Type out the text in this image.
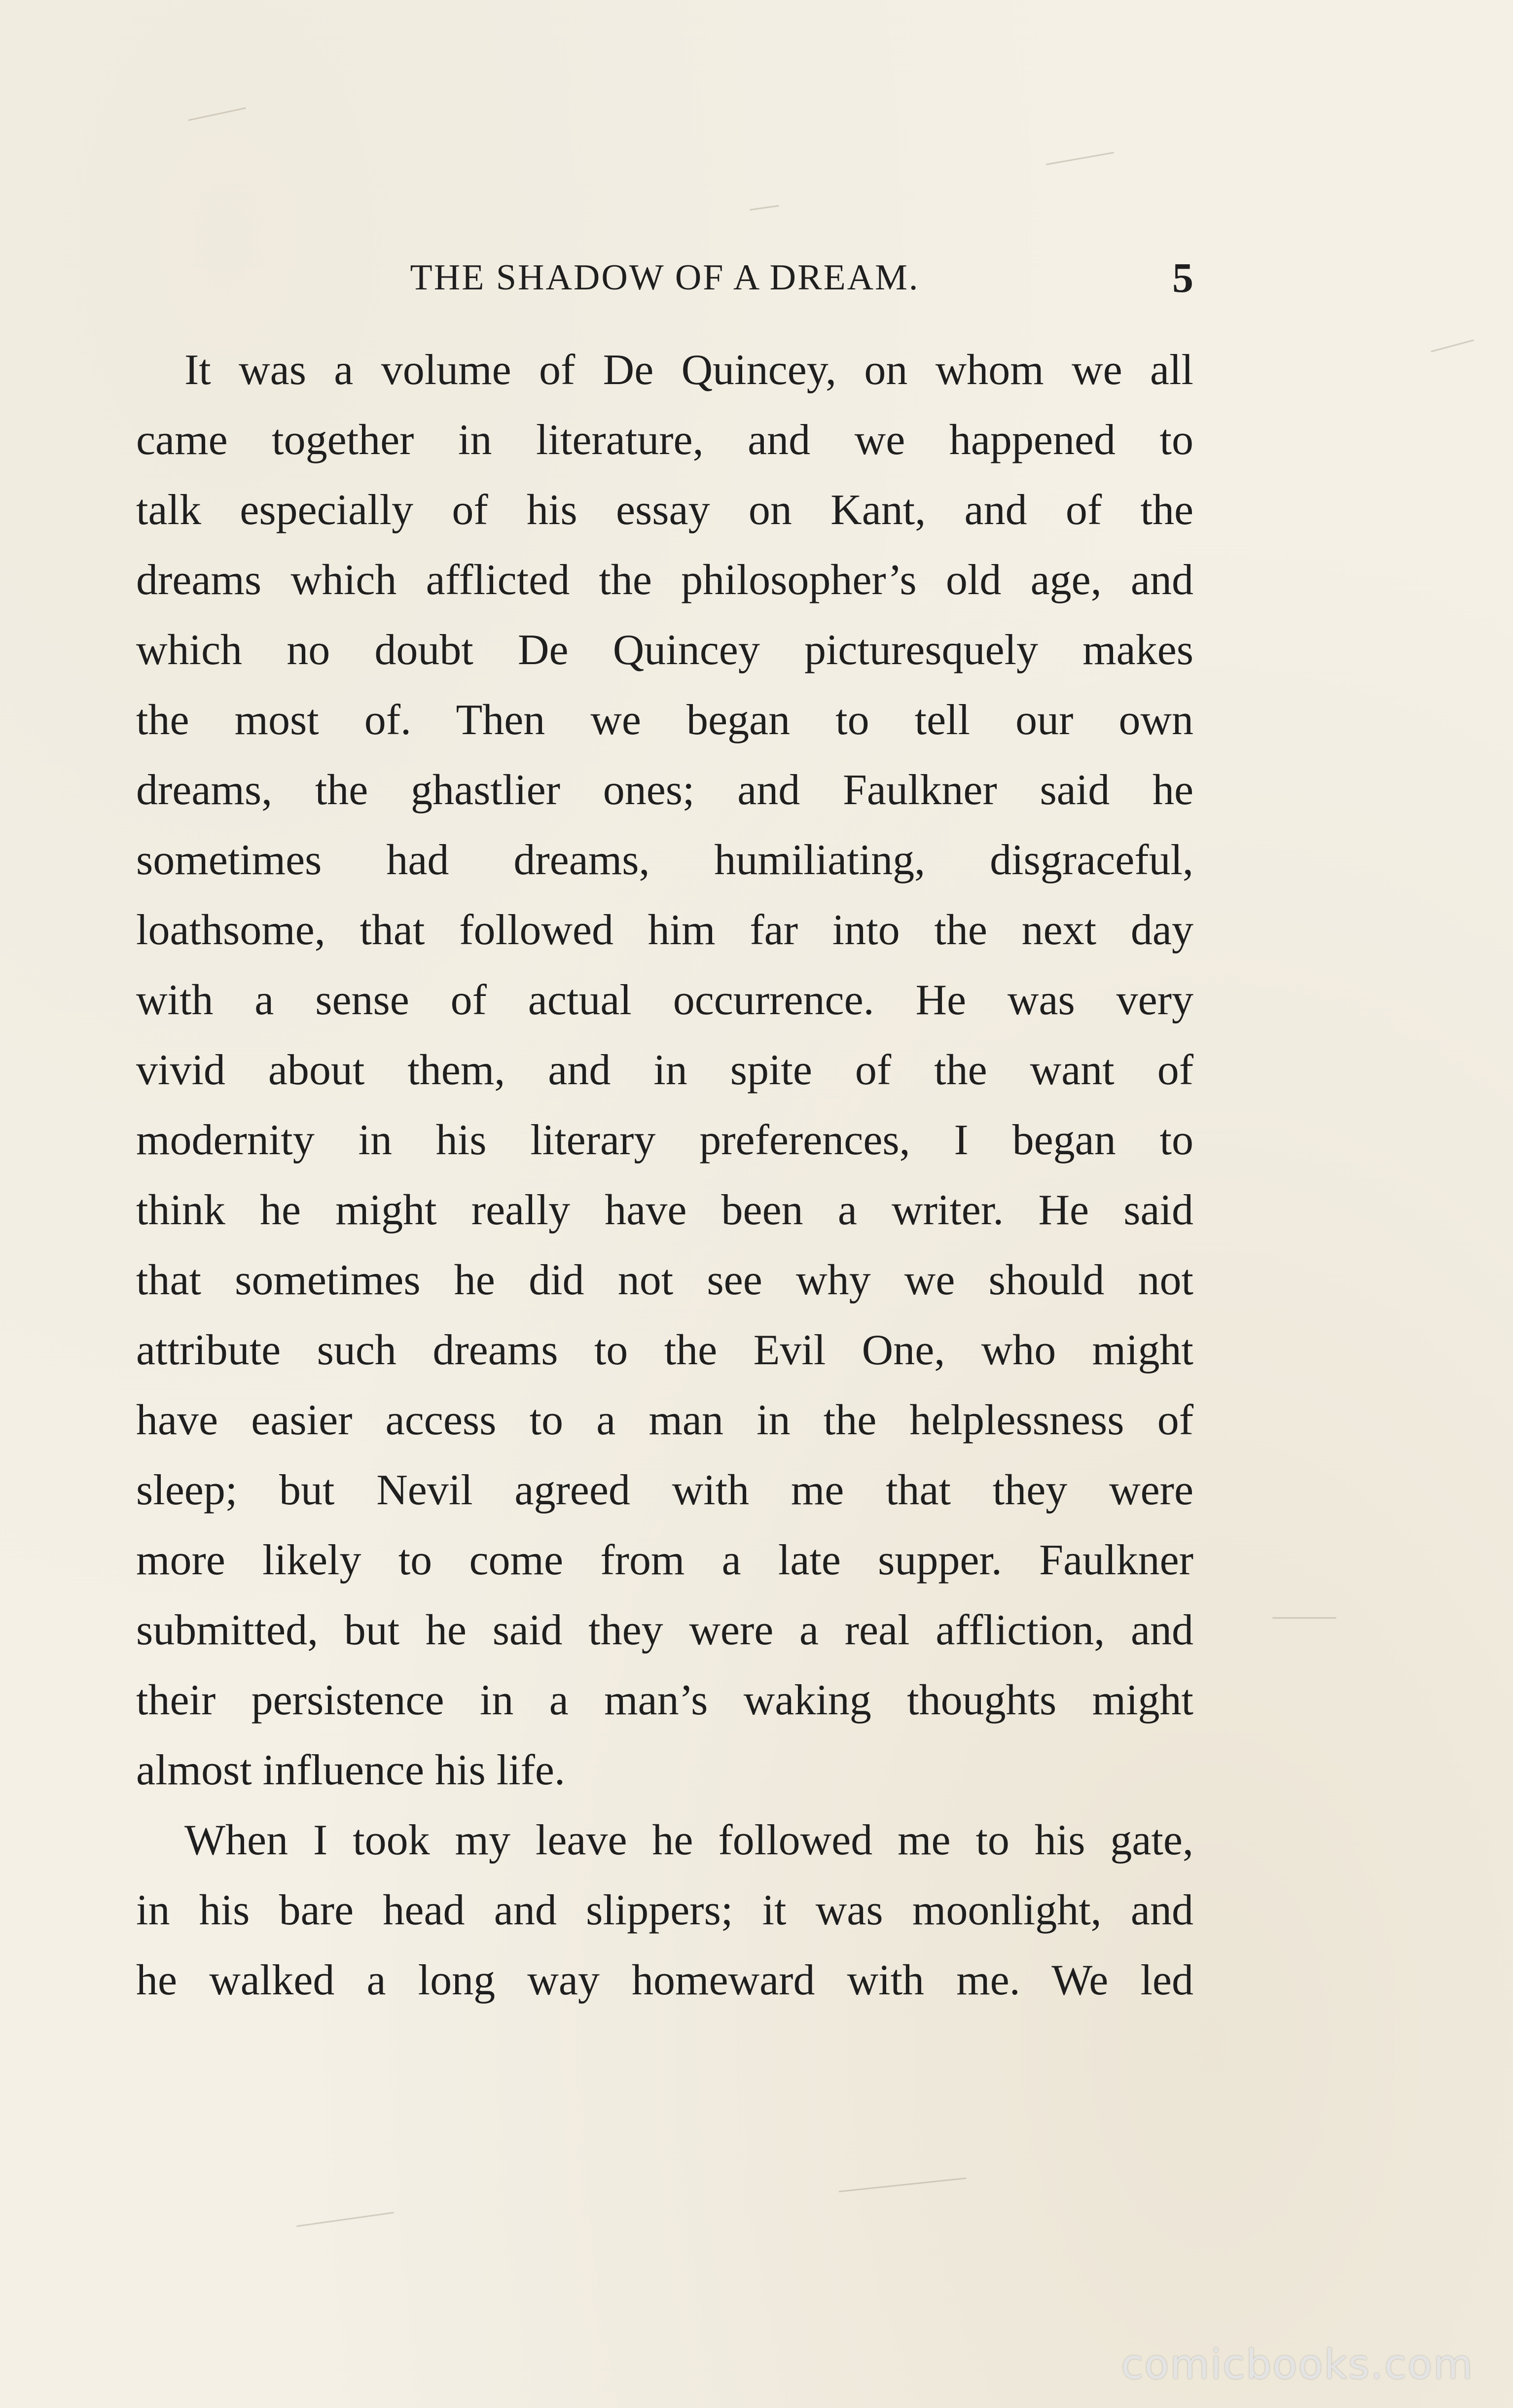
THE SHADOW OF A DREAM.	5
It was a volume of De Quincey, on whom we all
came together in literature, and we happened to
talk especially of his essay on Kant, and of the
dreams which afflicted the philosopher’s old age, and
which no doubt De Quincey picturesquely makes
the most of. Then we began to tell our own
dreams, the ghastlier ones; and Faulkner said he
sometimes had dreams, humiliating, disgraceful,
loathsome, that followed him far into the next day
with a sense of actual occurrence. He was very
vivid about them, and in spite of the want of
modernity in his literary preferences, I began to
think he might really have been a writer. He said
that sometimes he did not see why we should not
attribute such dreams to the Evil One, who might
have easier access to a man in the helplessness of
sleep; but Nevil agreed with me that they were
more likely to come from a late supper. Faulkner
submitted, but he said they were a real affliction, and
their persistence in a man’s waking thoughts might
almost influence his life.
When I took my leave he followed me to his gate,
in his bare head and slippers; it was moonlight, and
he walked a long way homeward with me. We led
comicbooks.com
